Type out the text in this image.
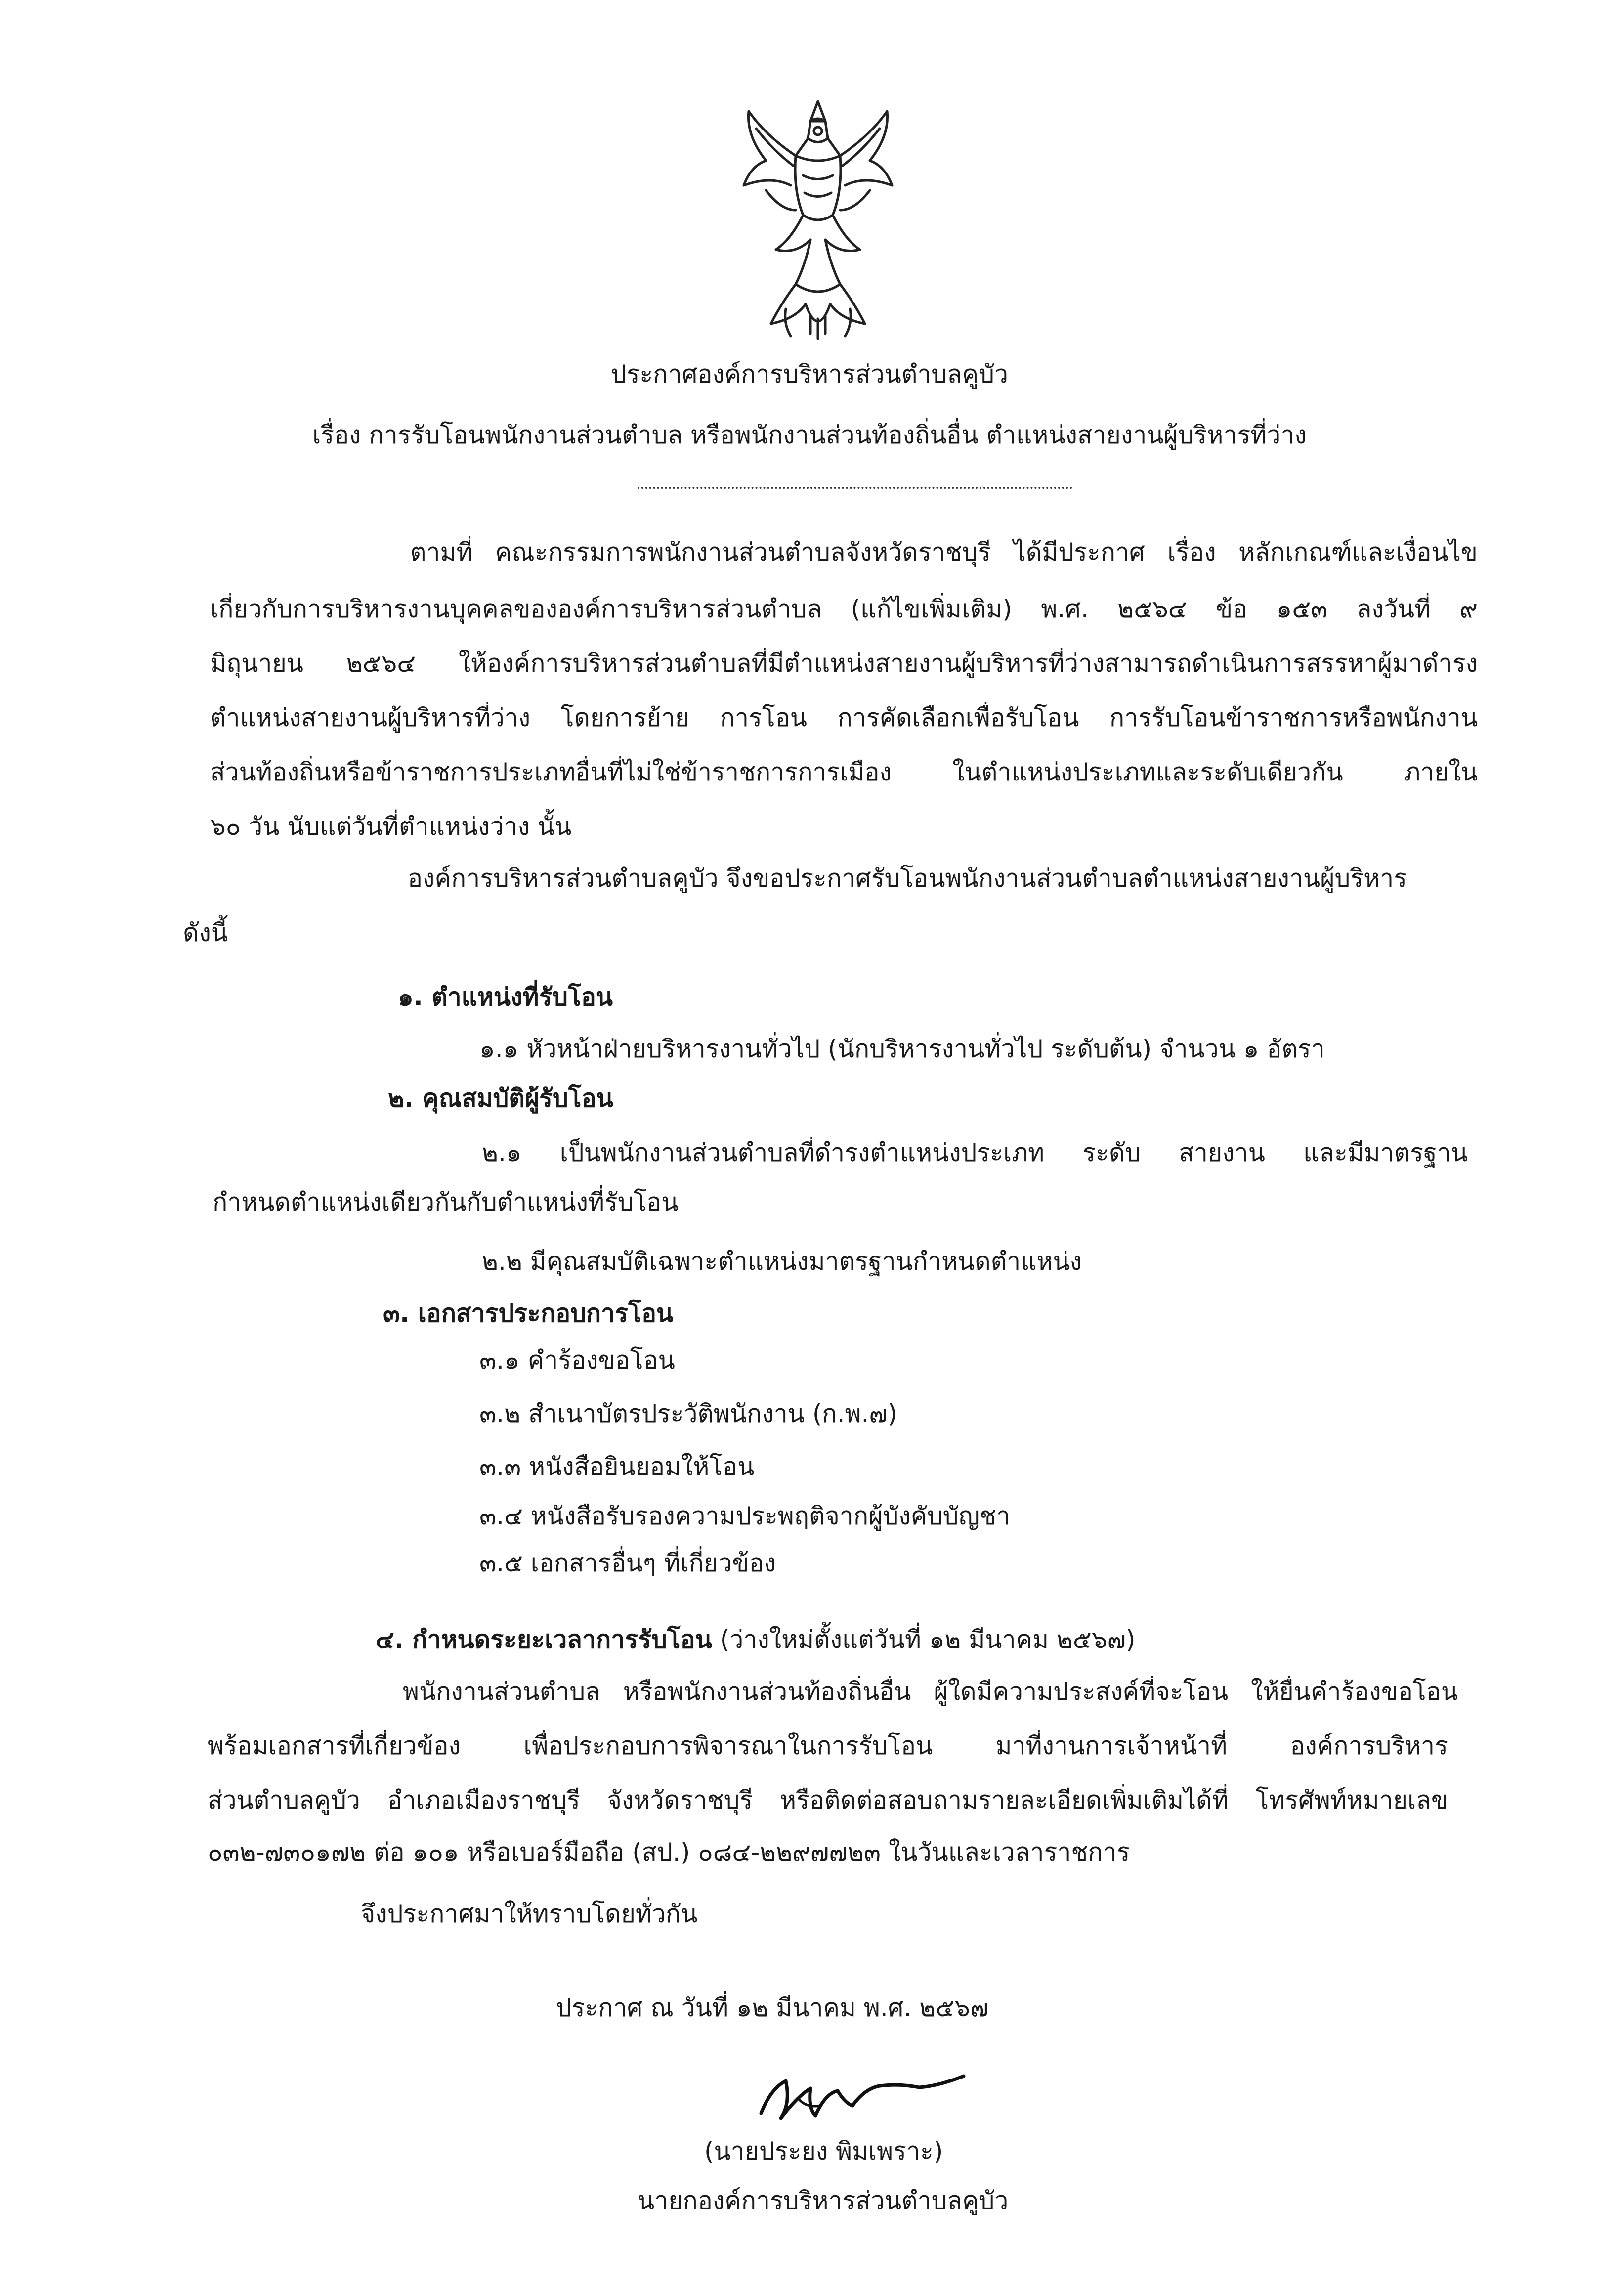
ประกาศองค์การบริหารส่วนตำบลคูบัว
เรื่อง การรับโอนพนักงานส่วนตำบล หรือพนักงานส่วนท้องถิ่นอื่น ตำแหน่งสายงานผู้บริหารที่ว่าง
ตามที่ คณะกรรมการพนักงานส่วนตำบลจังหวัดราชบุรี ได้มีประกาศ เรื่อง หลักเกณฑ์และเงื่อนไข
เกี่ยวกับการบริหารงานบุคคลขององค์การบริหารส่วนตำบล (แก้ไขเพิ่มเติม) พ.ศ. ๒๕๖๔ ข้อ ๑๕๓ ลงวันที่ ๙
มิถุนายน ๒๕๖๔ ให้องค์การบริหารส่วนตำบลที่มีตำแหน่งสายงานผู้บริหารที่ว่างสามารถดำเนินการสรรหาผู้มาดำรง
ตำแหน่งสายงานผู้บริหารที่ว่าง โดยการย้าย การโอน การคัดเลือกเพื่อรับโอน การรับโอนข้าราชการหรือพนักงาน
ส่วนท้องถิ่นหรือข้าราชการประเภทอื่นที่ไม่ใช่ข้าราชการการเมือง ในตำแหน่งประเภทและระดับเดียวกัน ภายใน
๖๐ วัน นับแต่วันที่ตำแหน่งว่าง นั้น
องค์การบริหารส่วนตำบลคูบัว จึงขอประกาศรับโอนพนักงานส่วนตำบลตำแหน่งสายงานผู้บริหาร
ดังนี้
๑. ตำแหน่งที่รับโอน
๑.๑ หัวหน้าฝ่ายบริหารงานทั่วไป (นักบริหารงานทั่วไป ระดับต้น) จำนวน ๑ อัตรา
๒. คุณสมบัติผู้รับโอน
๒.๑ เป็นพนักงานส่วนตำบลที่ดำรงตำแหน่งประเภท ระดับ สายงาน และมีมาตรฐาน
กำหนดตำแหน่งเดียวกันกับตำแหน่งที่รับโอน
๒.๒ มีคุณสมบัติเฉพาะตำแหน่งมาตรฐานกำหนดตำแหน่ง
๓. เอกสารประกอบการโอน
๓.๑ คำร้องขอโอน
๓.๒ สำเนาบัตรประวัติพนักงาน (ก.พ.๗)
๓.๓ หนังสือยินยอมให้โอน
๓.๔ หนังสือรับรองความประพฤติจากผู้บังคับบัญชา
๓.๕ เอกสารอื่นๆ ที่เกี่ยวข้อง
๔. กำหนดระยะเวลาการรับโอน (ว่างใหม่ตั้งแต่วันที่ ๑๒ มีนาคม ๒๕๖๗)
พนักงานส่วนตำบล หรือพนักงานส่วนท้องถิ่นอื่น ผู้ใดมีความประสงค์ที่จะโอน ให้ยื่นคำร้องขอโอน
พร้อมเอกสารที่เกี่ยวข้อง เพื่อประกอบการพิจารณาในการรับโอน มาที่งานการเจ้าหน้าที่ องค์การบริหาร
ส่วนตำบลคูบัว อำเภอเมืองราชบุรี จังหวัดราชบุรี หรือติดต่อสอบถามรายละเอียดเพิ่มเติมได้ที่ โทรศัพท์หมายเลข
๐๓๒-๗๓๐๑๗๒ ต่อ ๑๐๑ หรือเบอร์มือถือ (สป.) ๐๘๔-๒๒๙๗๗๒๓ ในวันและเวลาราชการ
จึงประกาศมาให้ทราบโดยทั่วกัน
ประกาศ ณ วันที่ ๑๒ มีนาคม พ.ศ. ๒๕๖๗
(นายประยง พิมเพราะ)
นายกองค์การบริหารส่วนตำบลคูบัว
